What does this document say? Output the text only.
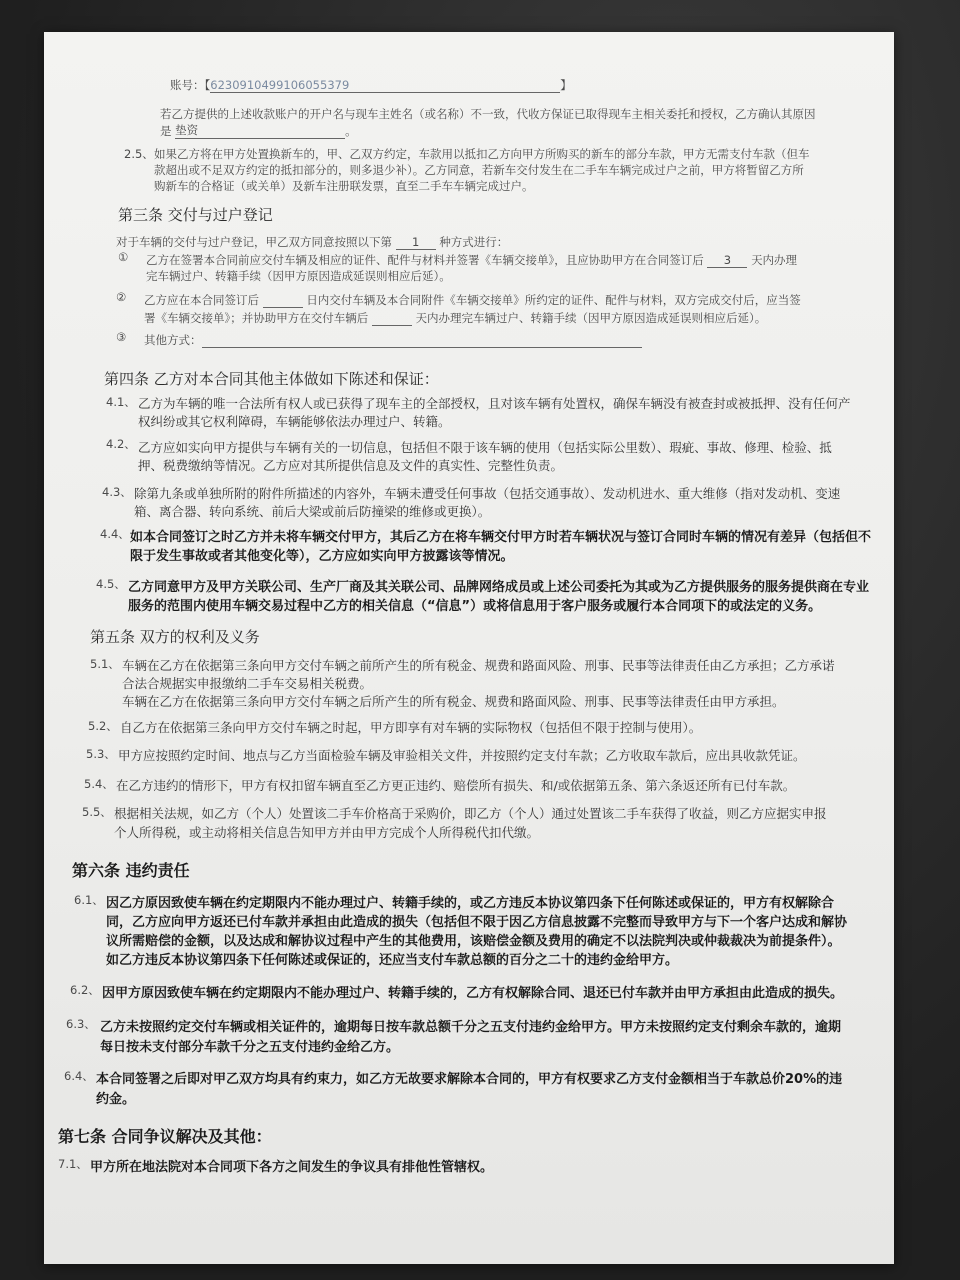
账号：【6230910499106055379	】
若乙方提供的上述收款账户的开户名与现车主姓名（或名称）不一致，代收方保证已取得现车主相关委托和授权，乙方确认其原因
是 垫资	。
2.5、 如果乙方将在甲方处置换新车的，甲、乙双方约定，车款用以抵扣乙方向甲方所购买的新车的部分车款，甲方无需支付车款（但车
款超出或不足双方约定的抵扣部分的，则多退少补）。乙方同意，若新车交付发生在二手车车辆完成过户之前，甲方将暂留乙方所
购新车的合格证（或关单）及新车注册联发票，直至二手车车辆完成过户。
第三条 交付与过户登记
对于车辆的交付与过户登记，甲乙双方同意按照以下第 1 种方式进行：
① 乙方在签署本合同前应交付车辆及相应的证件、配件与材料并签署《车辆交接单》，且应协助甲方在合同签订后 3 天内办理
完车辆过户、转籍手续（因甲方原因造成延误则相应后延）。
② 乙方应在本合同签订后	日内交付车辆及本合同附件《车辆交接单》所约定的证件、配件与材料，双方完成交付后，应当签
署《车辆交接单》；并协助甲方在交付车辆后	天内办理完车辆过户、转籍手续（因甲方原因造成延误则相应后延）。
③ 其他方式：
第四条 乙方对本合同其他主体做如下陈述和保证：
4.1、 乙方为车辆的唯一合法所有权人或已获得了现车主的全部授权，且对该车辆有处置权，确保车辆没有被查封或被抵押、没有任何产
权纠纷或其它权利障碍，车辆能够依法办理过户、转籍。
4.2、 乙方应如实向甲方提供与车辆有关的一切信息，包括但不限于该车辆的使用（包括实际公里数）、瑕疵、事故、修理、检验、抵
押、税费缴纳等情况。乙方应对其所提供信息及文件的真实性、完整性负责。
4.3、 除第九条或单独所附的附件所描述的内容外，车辆未遭受任何事故（包括交通事故）、发动机进水、重大维修（指对发动机、变速
箱、离合器、转向系统、前后大梁或前后防撞梁的维修或更换）。
4.4、 如本合同签订之时乙方并未将车辆交付甲方，其后乙方在将车辆交付甲方时若车辆状况与签订合同时车辆的情况有差异（包括但不
限于发生事故或者其他变化等），乙方应如实向甲方披露该等情况。
4.5、 乙方同意甲方及甲方关联公司、生产厂商及其关联公司、品牌网络成员或上述公司委托为其或为乙方提供服务的服务提供商在专业
服务的范围内使用车辆交易过程中乙方的相关信息（“信息”）或将信息用于客户服务或履行本合同项下的或法定的义务。
第五条 双方的权利及义务
5.1、 车辆在乙方在依据第三条向甲方交付车辆之前所产生的所有税金、规费和路面风险、刑事、民事等法律责任由乙方承担；乙方承诺
合法合规据实申报缴纳二手车交易相关税费。
车辆在乙方在依据第三条向甲方交付车辆之后所产生的所有税金、规费和路面风险、刑事、民事等法律责任由甲方承担。
5.2、 自乙方在依据第三条向甲方交付车辆之时起，甲方即享有对车辆的实际物权（包括但不限于控制与使用）。
5.3、 甲方应按照约定时间、地点与乙方当面检验车辆及审验相关文件，并按照约定支付车款；乙方收取车款后，应出具收款凭证。
5.4、 在乙方违约的情形下，甲方有权扣留车辆直至乙方更正违约、赔偿所有损失、和/或依据第五条、第六条返还所有已付车款。
5.5、 根据相关法规，如乙方（个人）处置该二手车价格高于采购价，即乙方（个人）通过处置该二手车获得了收益，则乙方应据实申报
个人所得税，或主动将相关信息告知甲方并由甲方完成个人所得税代扣代缴。
第六条 违约责任
6.1、 因乙方原因致使车辆在约定期限内不能办理过户、转籍手续的，或乙方违反本协议第四条下任何陈述或保证的，甲方有权解除合
同，乙方应向甲方返还已付车款并承担由此造成的损失（包括但不限于因乙方信息披露不完整而导致甲方与下一个客户达成和解协
议所需赔偿的金额，以及达成和解协议过程中产生的其他费用，该赔偿金额及费用的确定不以法院判决或仲裁裁决为前提条件）。
如乙方违反本协议第四条下任何陈述或保证的，还应当支付车款总额的百分之二十的违约金给甲方。
6.2、 因甲方原因致使车辆在约定期限内不能办理过户、转籍手续的，乙方有权解除合同、退还已付车款并由甲方承担由此造成的损失。
6.3、 乙方未按照约定交付车辆或相关证件的，逾期每日按车款总额千分之五支付违约金给甲方。甲方未按照约定支付剩余车款的，逾期
每日按未支付部分车款千分之五支付违约金给乙方。
6.4、 本合同签署之后即对甲乙双方均具有约束力，如乙方无故要求解除本合同的，甲方有权要求乙方支付金额相当于车款总价20%的违
约金。
第七条 合同争议解决及其他：
7.1、 甲方所在地法院对本合同项下各方之间发生的争议具有排他性管辖权。
